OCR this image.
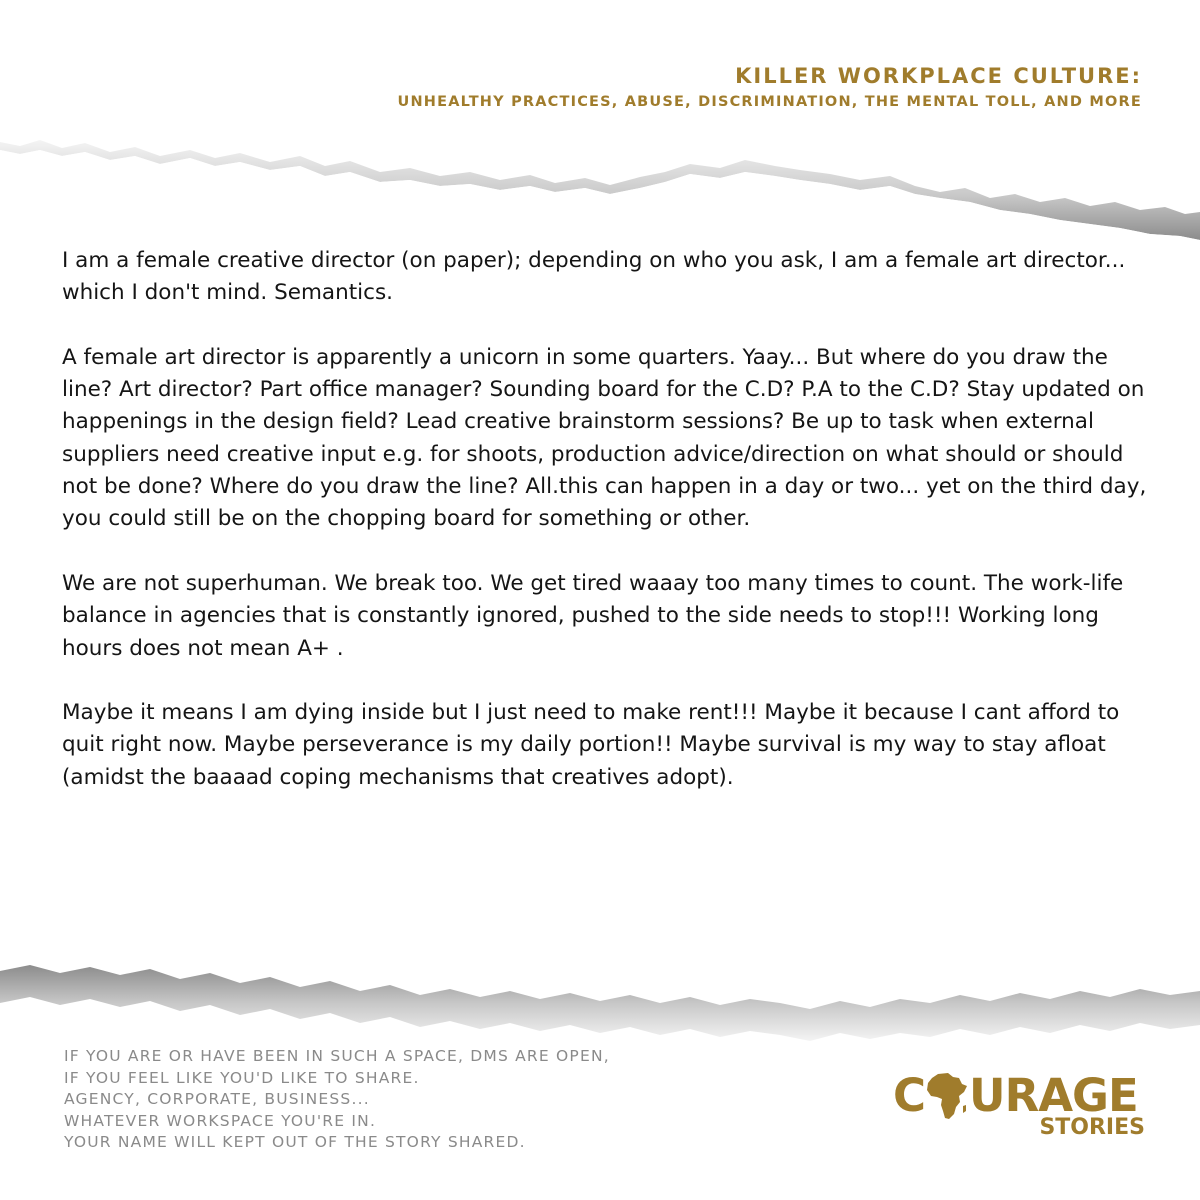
KILLER WORKPLACE CULTURE:
UNHEALTHY PRACTICES, ABUSE, DISCRIMINATION, THE MENTAL TOLL, AND MORE

I am a female creative director (on paper); depending on who you ask, I am a female art director... which I don't mind. Semantics.

A female art director is apparently a unicorn in some quarters. Yaay... But where do you draw the line? Art director? Part office manager? Sounding board for the C.D? P.A to the C.D? Stay updated on happenings in the design field? Lead creative brainstorm sessions? Be up to task when external suppliers need creative input e.g. for shoots, production advice/direction on what should or should not be done? Where do you draw the line? All.this can happen in a day or two... yet on the third day, you could still be on the chopping board for something or other.

We are not superhuman. We break too. We get tired waaay too many times to count. The work-life balance in agencies that is constantly ignored, pushed to the side needs to stop!!! Working long hours does not mean A+ .

Maybe it means I am dying inside but I just need to make rent!!! Maybe it because I cant afford to quit right now. Maybe perseverance is my daily portion!! Maybe survival is my way to stay afloat (amidst the baaaad coping mechanisms that creatives adopt).

IF YOU ARE OR HAVE BEEN IN SUCH A SPACE, DMS ARE OPEN,
IF YOU FEEL LIKE YOU'D LIKE TO SHARE.
AGENCY, CORPORATE, BUSINESS...
WHATEVER WORKSPACE YOU'RE IN.
YOUR NAME WILL KEPT OUT OF THE STORY SHARED.
C URAGE
STORIES
